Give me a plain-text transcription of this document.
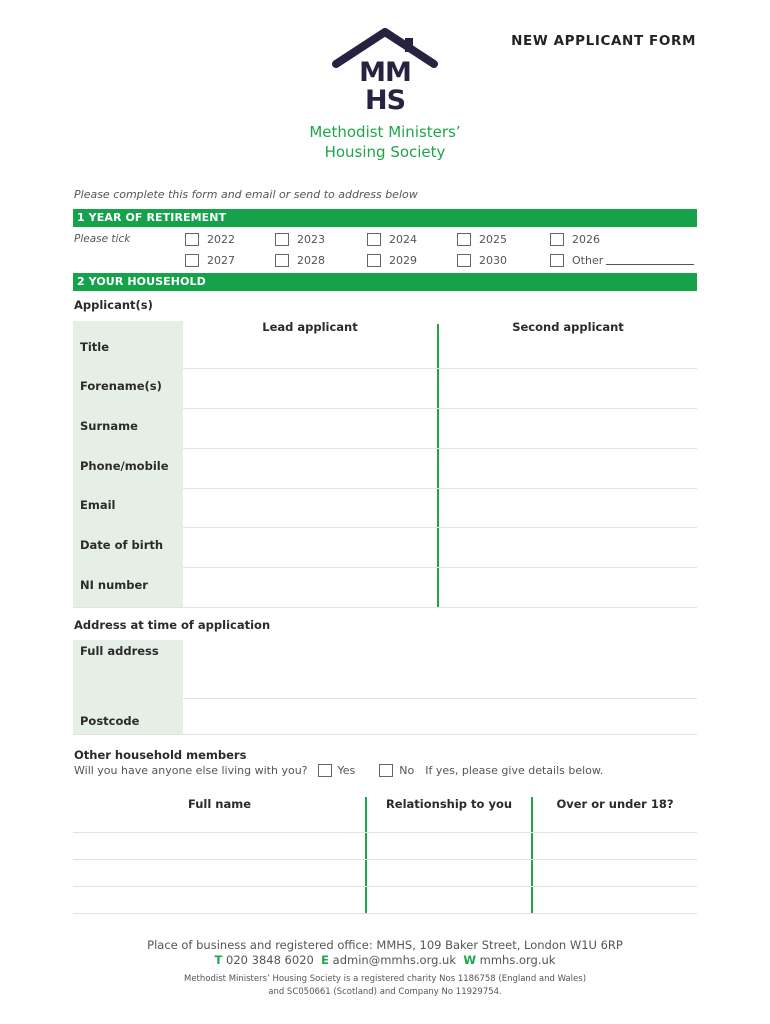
NEW APPLICANT FORM
MM
HS
Methodist Ministers’
Housing Society
Please complete this form and email or send to address below
1 YEAR OF RETIREMENT
Please tick	2022	2023	2024	2025	2026
2027	2028	2029	2030	Other
2 YOUR HOUSEHOLD
Applicant(s)
Lead applicant	Second applicant
Title
Forename(s)
Surname
Phone/mobile
Email
Date of birth
NI number
Address at time of application
Full address
Postcode
Other household members
Will you have anyone else living with you?	Yes	No If yes, please give details below.
Full name	Relationship to you	Over or under 18?
Place of business and registered office: MMHS, 109 Baker Street, London W1U 6RP
T 020 3848 6020 E admin@mmhs.org.uk W mmhs.org.uk
Methodist Ministers’ Housing Society is a registered charity Nos 1186758 (England and Wales)
and SC050661 (Scotland) and Company No 11929754.
